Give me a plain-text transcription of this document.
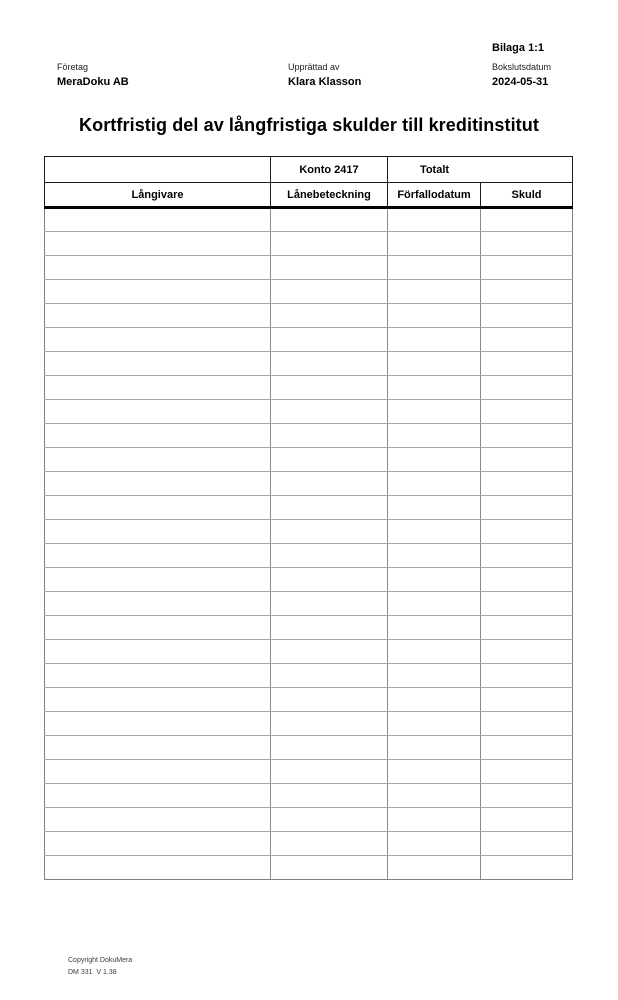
Bilaga 1:1
Företag
MeraDoku AB
Upprättad av
Klara Klasson
Bokslutsdatum
2024-05-31
Kortfristig del av långfristiga skulder till kreditinstitut
	Konto 2417	Totalt	
Långivare	Lånebeteckning	Förfallodatum	Skuld

Copyright DokuMera
DM 331  V 1.38
